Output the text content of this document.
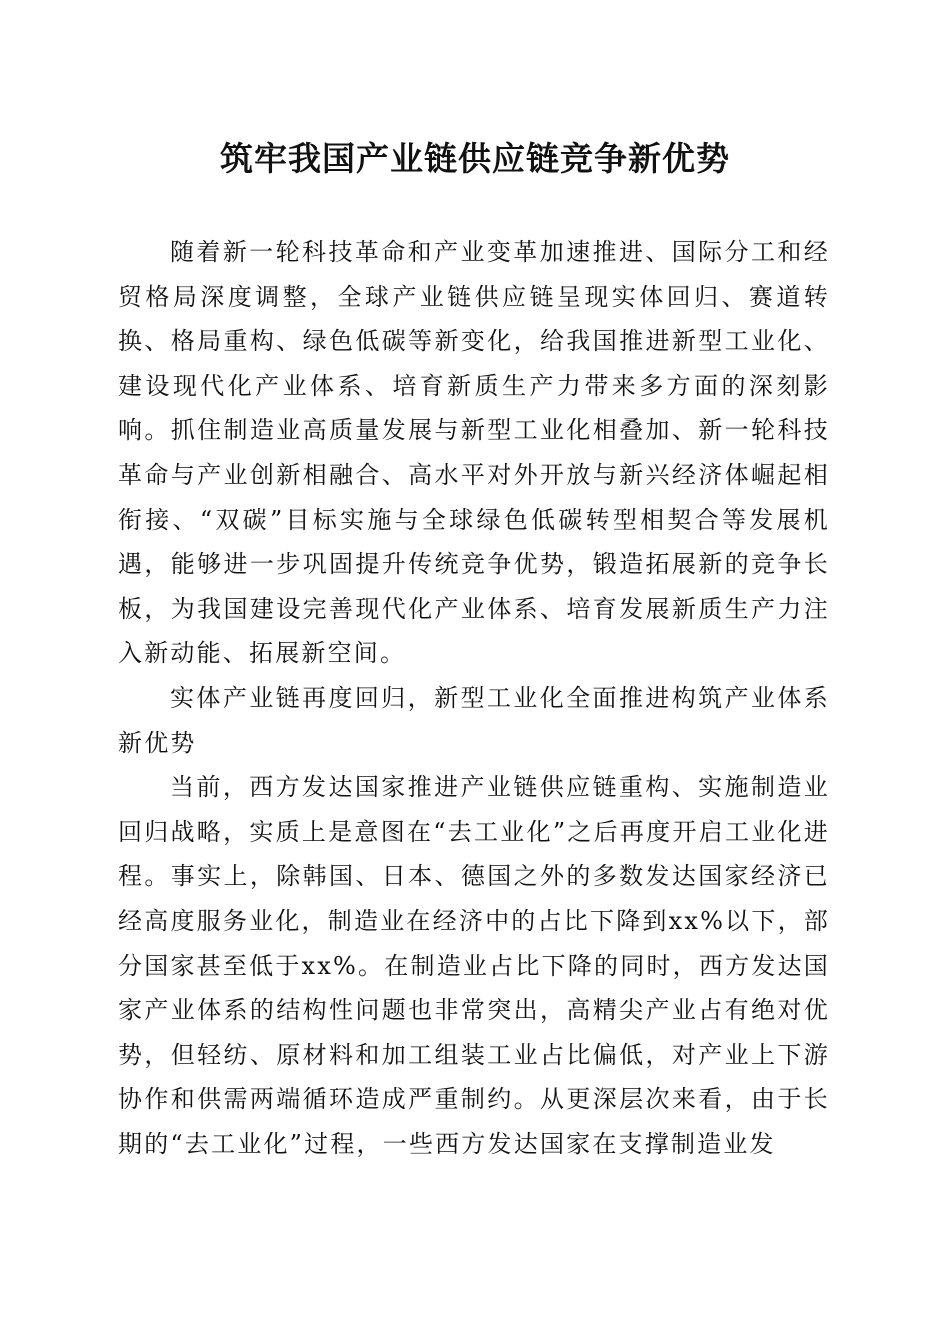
筑牢我国产业链供应链竞争新优势

随着新一轮科技革命和产业变革加速推进、国际分工和经贸格局深度调整，全球产业链供应链呈现实体回归、赛道转换、格局重构、绿色低碳等新变化，给我国推进新型工业化、建设现代化产业体系、培育新质生产力带来多方面的深刻影响。抓住制造业高质量发展与新型工业化相叠加、新一轮科技革命与产业创新相融合、高水平对外开放与新兴经济体崛起相衔接、“双碳”目标实施与全球绿色低碳转型相契合等发展机遇，能够进一步巩固提升传统竞争优势，锻造拓展新的竞争长板，为我国建设完善现代化产业体系、培育发展新质生产力注入新动能、拓展新空间。

实体产业链再度回归，新型工业化全面推进构筑产业体系新优势

当前，西方发达国家推进产业链供应链重构、实施制造业回归战略，实质上是意图在“去工业化”之后再度开启工业化进程。事实上，除韩国、日本、德国之外的多数发达国家经济已经高度服务业化，制造业在经济中的占比下降到xx%以下，部分国家甚至低于xx%。在制造业占比下降的同时，西方发达国家产业体系的结构性问题也非常突出，高精尖产业占有绝对优势，但轻纺、原材料和加工组装工业占比偏低，对产业上下游协作和供需两端循环造成严重制约。从更深层次来看，由于长期的“去工业化”过程，一些西方发达国家在支撑制造业发
